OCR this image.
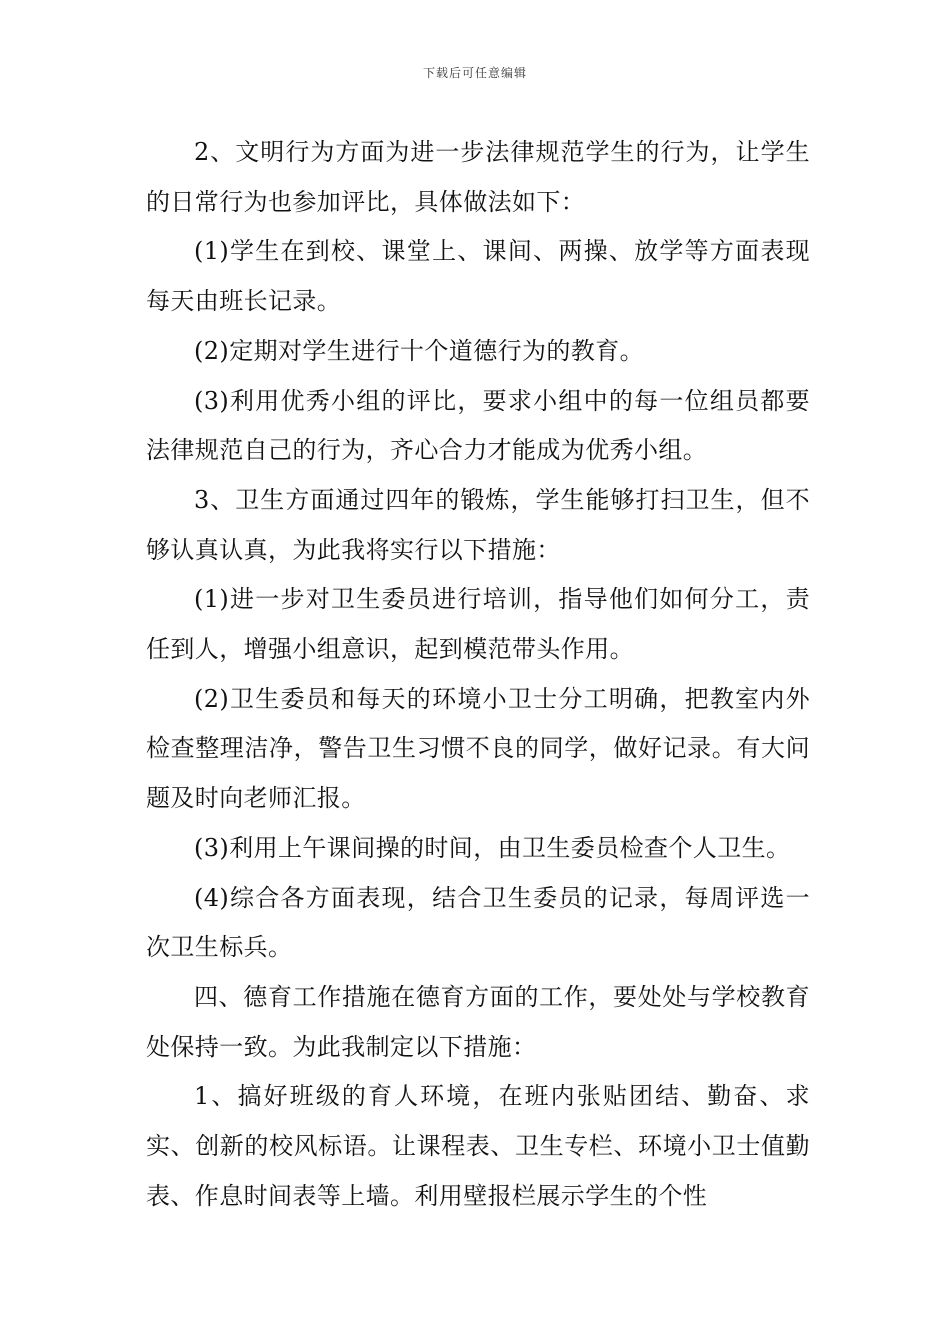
下载后可任意编辑

2、文明行为方面为进一步法律规范学生的行为，让学生的日常行为也参加评比，具体做法如下：

(1)学生在到校、课堂上、课间、两操、放学等方面表现每天由班长记录。

(2)定期对学生进行十个道德行为的教育。

(3)利用优秀小组的评比，要求小组中的每一位组员都要法律规范自己的行为，齐心合力才能成为优秀小组。

3、卫生方面通过四年的锻炼，学生能够打扫卫生，但不够认真认真，为此我将实行以下措施：

(1)进一步对卫生委员进行培训，指导他们如何分工，责任到人，增强小组意识，起到模范带头作用。

(2)卫生委员和每天的环境小卫士分工明确，把教室内外检查整理洁净，警告卫生习惯不良的同学，做好记录。有大问题及时向老师汇报。

(3)利用上午课间操的时间，由卫生委员检查个人卫生。

(4)综合各方面表现，结合卫生委员的记录，每周评选一次卫生标兵。

四、德育工作措施在德育方面的工作，要处处与学校教育处保持一致。为此我制定以下措施：

1、搞好班级的育人环境，在班内张贴团结、勤奋、求实、创新的校风标语。让课程表、卫生专栏、环境小卫士值勤表、作息时间表等上墙。利用壁报栏展示学生的个性
